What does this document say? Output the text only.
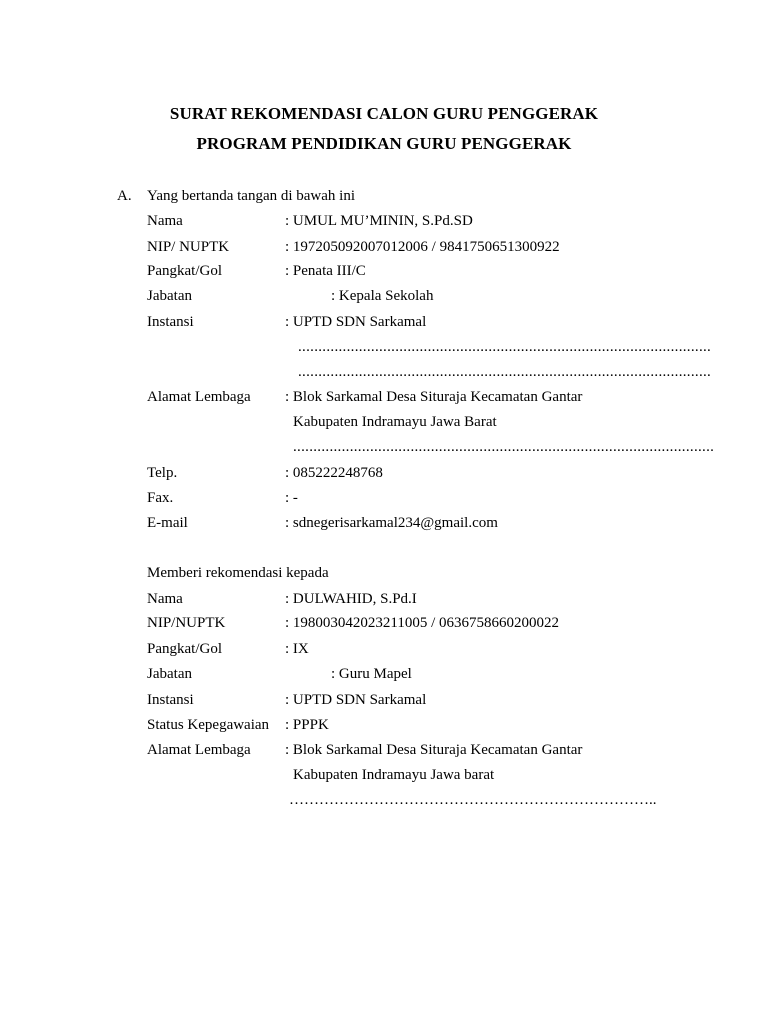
SURAT REKOMENDASI CALON GURU PENGGERAK
PROGRAM PENDIDIKAN GURU PENGGERAK
A. Yang bertanda tangan di bawah ini
Nama	: UMUL MU’MININ, S.Pd.SD
NIP/ NUPTK	: 197205092007012006 / 9841750651300922
Pangkat/Gol	: Penata III/C
Jabatan	: Kepala Sekolah
Instansi	: UPTD SDN Sarkamal
......................................................................................................
......................................................................................................
Alamat Lembaga : Blok Sarkamal Desa Situraja Kecamatan Gantar
Kabupaten Indramayu Jawa Barat
........................................................................................................
Telp.	: 085222248768
Fax.	: -
E-mail	: sdnegerisarkamal234@gmail.com
Memberi rekomendasi kepada
Nama	: DULWAHID, S.Pd.I
NIP/NUPTK	: 198003042023211005 / 0636758660200022
Pangkat/Gol	: IX
Jabatan	: Guru Mapel
Instansi	: UPTD SDN Sarkamal
Status Kepegawaian : PPPK
Alamat Lembaga : Blok Sarkamal Desa Situraja Kecamatan Gantar
Kabupaten Indramayu Jawa barat
………………………………………………………………..
